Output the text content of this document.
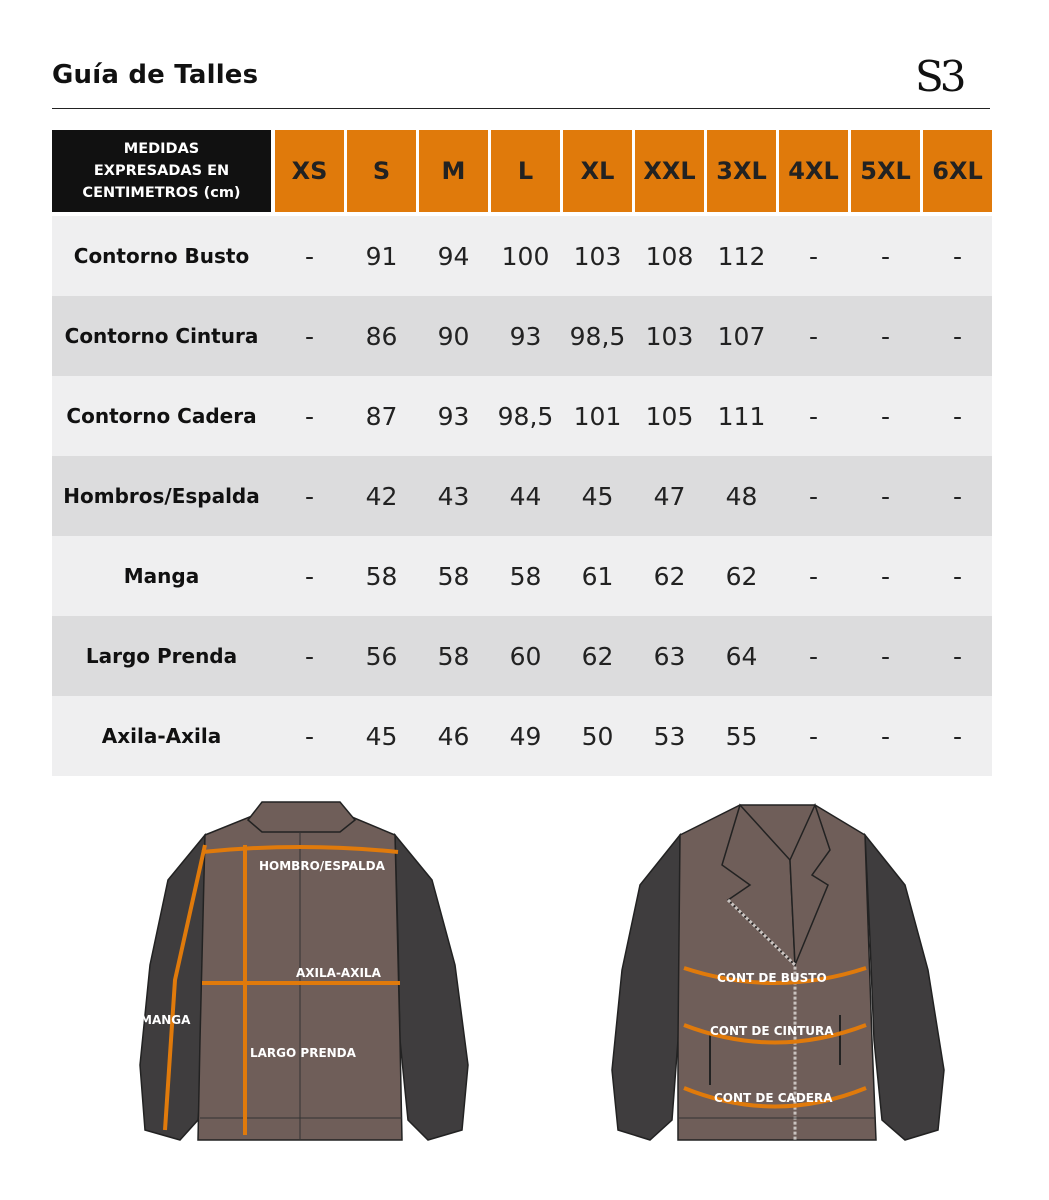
Guía de Talles	S3
MEDIDAS EXPRESADAS EN CENTIMETROS (cm)
XS	S	M	L	XL	XXL 3XL 4XL 5XL 6XL
Contorno Busto	-	91	94	100 103 108 112	-	-	-
Contorno Cintura	-	86	90	93	98,5 103 107	-	-	-
Contorno Cadera	-	87	93	98,5 101 105 111	-	-	-
Hombros/Espalda	-	42	43	44	45	47	48	-	-	-
Manga	-	58	58	58	61	62	62	-	-	-
Largo Prenda	-	56	58	60	62	63	64	-	-	-
Axila-Axila	-	45	46	49	50	53	55	-	-	-
HOMBRO/ESPALDA
AXILA-AXILA
MANGA
LARGO PRENDA
CONT DE BUSTO
CONT DE CINTURA
CONT DE CADERA
